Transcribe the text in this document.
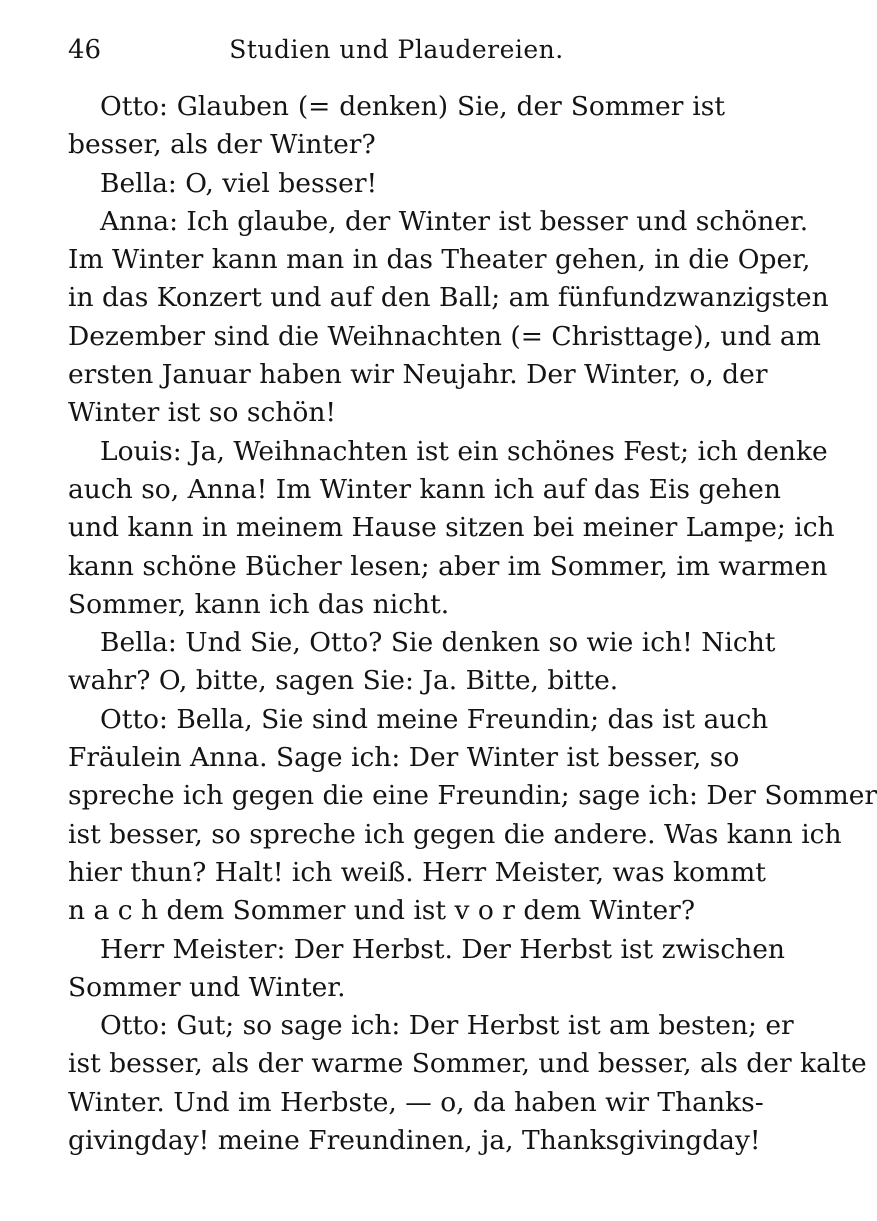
46	Studien und Plaudereien.
Otto: Glauben (= denken) Sie, der Sommer ist
besser, als der Winter?
Bella: O, viel besser!
Anna: Ich glaube, der Winter ist besser und schöner.
Im Winter kann man in das Theater gehen, in die Oper,
in das Konzert und auf den Ball; am fünfundzwanzigsten
Dezember sind die Weihnachten (= Christtage), und am
ersten Januar haben wir Neujahr. Der Winter, o, der
Winter ist so schön!
Louis: Ja, Weihnachten ist ein schönes Fest; ich denke
auch so, Anna! Im Winter kann ich auf das Eis gehen
und kann in meinem Hause sitzen bei meiner Lampe; ich
kann schöne Bücher lesen; aber im Sommer, im warmen
Sommer, kann ich das nicht.
Bella: Und Sie, Otto? Sie denken so wie ich! Nicht
wahr? O, bitte, sagen Sie: Ja. Bitte, bitte.
Otto: Bella, Sie sind meine Freundin; das ist auch
Fräulein Anna. Sage ich: Der Winter ist besser, so
spreche ich gegen die eine Freundin; sage ich: Der Sommer
ist besser, so spreche ich gegen die andere. Was kann ich
hier thun? Halt! ich weiß. Herr Meister, was kommt
n a c h dem Sommer und ist v o r dem Winter?
Herr Meister: Der Herbst. Der Herbst ist zwischen
Sommer und Winter.
Otto: Gut; so sage ich: Der Herbst ist am besten; er
ist besser, als der warme Sommer, und besser, als der kalte
Winter. Und im Herbste, — o, da haben wir Thanks-
givingday! meine Freundinen, ja, Thanksgivingday!
